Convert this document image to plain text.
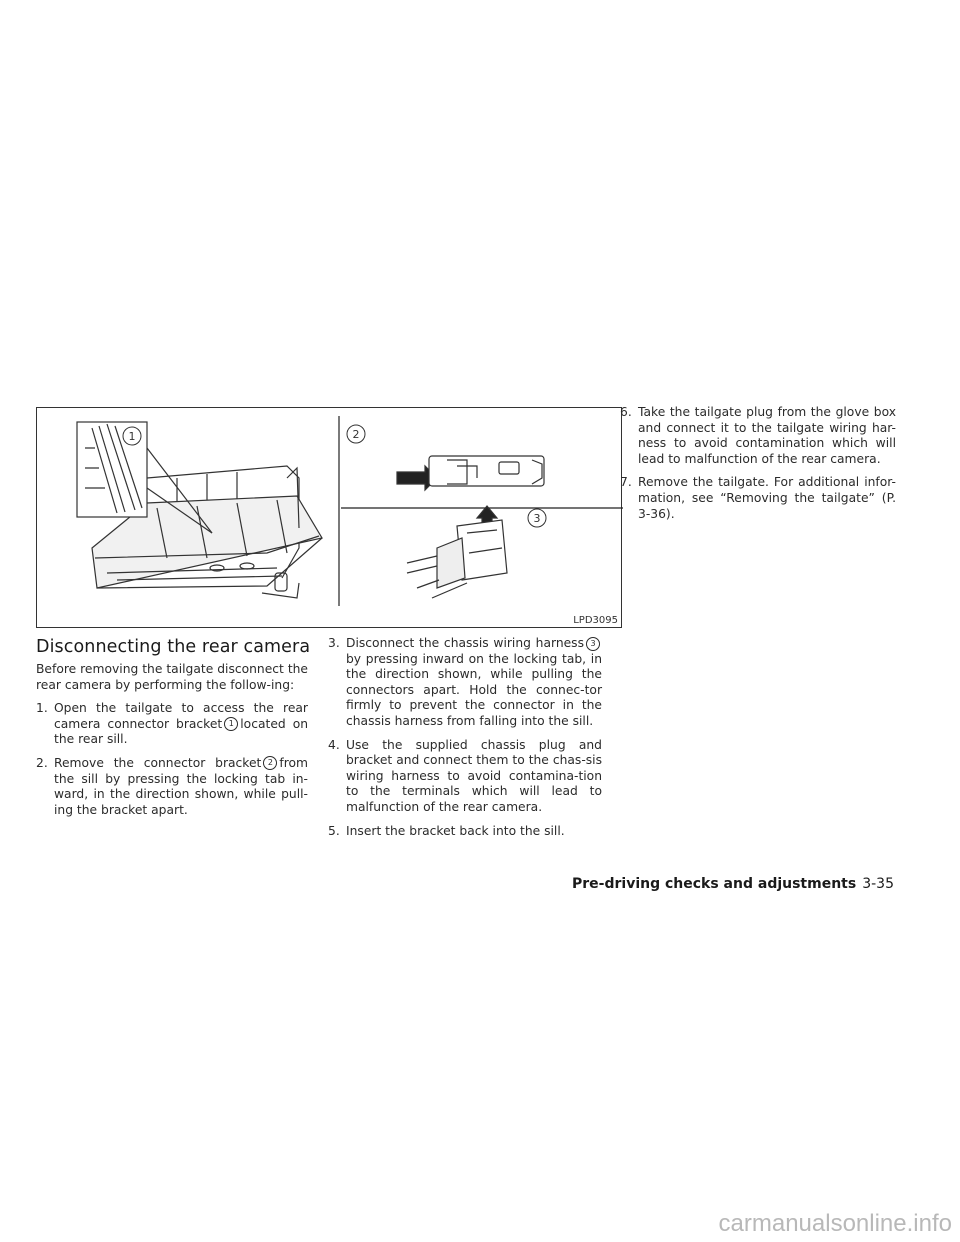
1	2
3
LPD3095
Disconnecting the rear camera

Before removing the tailgate disconnect the rear camera by performing the follow-ing:

1. Open the tailgate to access the rear camera connector bracket 1 located on the rear sill.
2. Remove the connector bracket 2 from the sill by pressing the locking tab in-ward, in the direction shown, while pull-ing the bracket apart.
3. Disconnect the chassis wiring harness 3by pressing inward on the locking tab, in the direction shown, while pulling the connectors apart. Hold the connec-tor firmly to prevent the connector in the chassis harness from falling into the sill.
4. Use the supplied chassis plug and bracket and connect them to the chas-sis wiring harness to avoid contamina-tion to the terminals which will lead to malfunction of the rear camera.
5. Insert the bracket back into the sill.
6. Take the tailgate plug from the glove box and connect it to the tailgate wiring har-ness to avoid contamination which will lead to malfunction of the rear camera.
7. Remove the tailgate. For additional infor-mation, see “Removing the tailgate” (P. 3-36).
Pre-driving checks and adjustments 3-35
carmanualsonline.info
